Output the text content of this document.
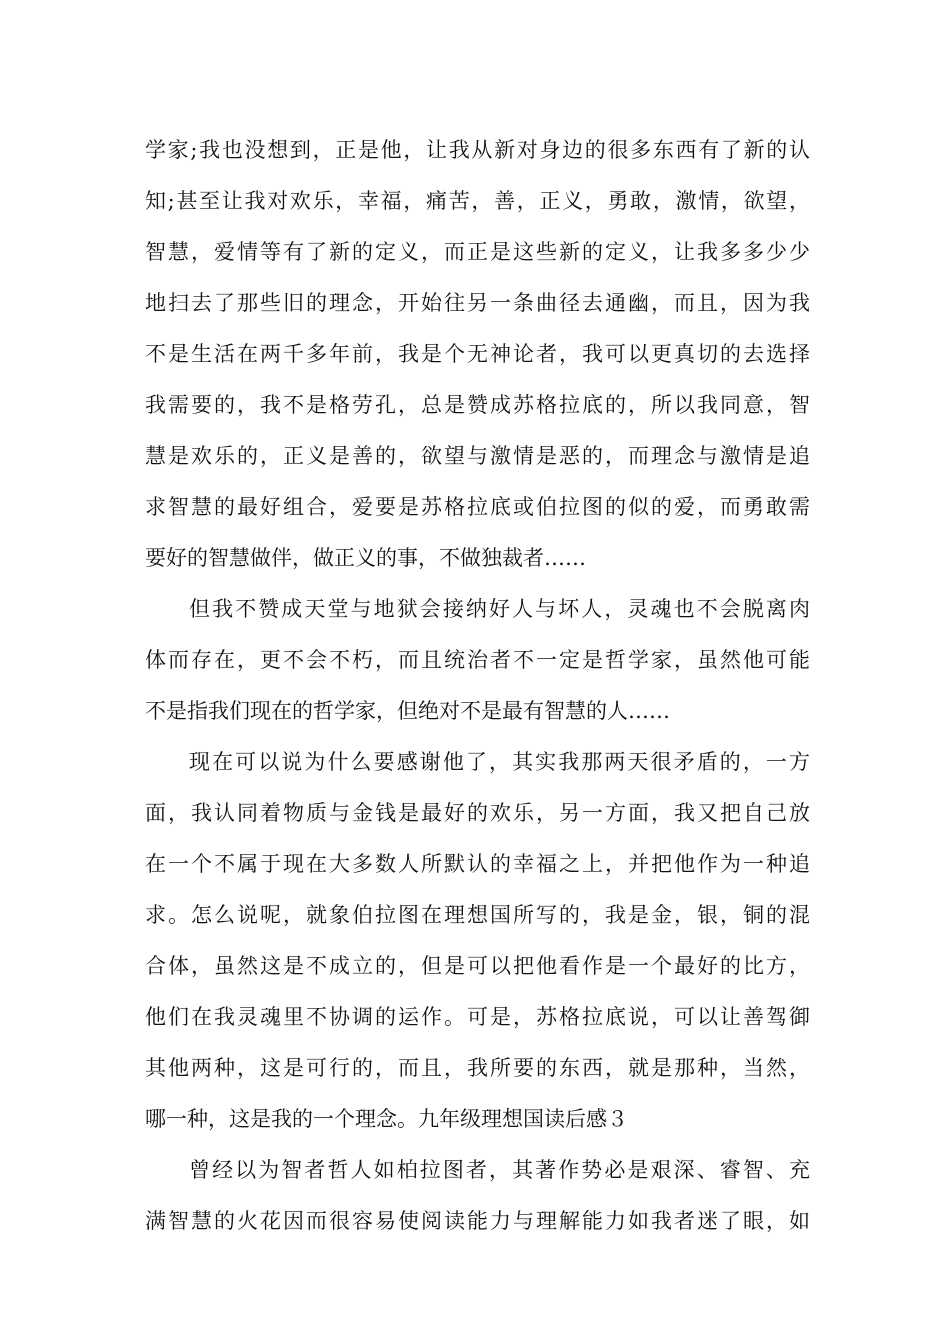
学家;我也没想到，正是他，让我从新对身边的很多东西有了新的认
知;甚至让我对欢乐，幸福，痛苦，善，正义，勇敢，激情，欲望，
智慧，爱情等有了新的定义，而正是这些新的定义，让我多多少少
地扫去了那些旧的理念，开始往另一条曲径去通幽，而且，因为我
不是生活在两千多年前，我是个无神论者，我可以更真切的去选择
我需要的，我不是格劳孔，总是赞成苏格拉底的，所以我同意，智
慧是欢乐的，正义是善的，欲望与激情是恶的，而理念与激情是追
求智慧的最好组合，爱要是苏格拉底或伯拉图的似的爱，而勇敢需
要好的智慧做伴，做正义的事，不做独裁者……
但我不赞成天堂与地狱会接纳好人与坏人，灵魂也不会脱离肉
体而存在，更不会不朽，而且统治者不一定是哲学家，虽然他可能
不是指我们现在的哲学家，但绝对不是最有智慧的人……
现在可以说为什么要感谢他了，其实我那两天很矛盾的，一方
面，我认同着物质与金钱是最好的欢乐，另一方面，我又把自己放
在一个不属于现在大多数人所默认的幸福之上，并把他作为一种追
求。怎么说呢，就象伯拉图在理想国所写的，我是金，银，铜的混
合体，虽然这是不成立的，但是可以把他看作是一个最好的比方，
他们在我灵魂里不协调的运作。可是，苏格拉底说，可以让善驾御
其他两种，这是可行的，而且，我所要的东西，就是那种，当然，
哪一种，这是我的一个理念。九年级理想国读后感３
曾经以为智者哲人如柏拉图者，其著作势必是艰深、睿智、充
满智慧的火花因而很容易使阅读能力与理解能力如我者迷了眼，如
